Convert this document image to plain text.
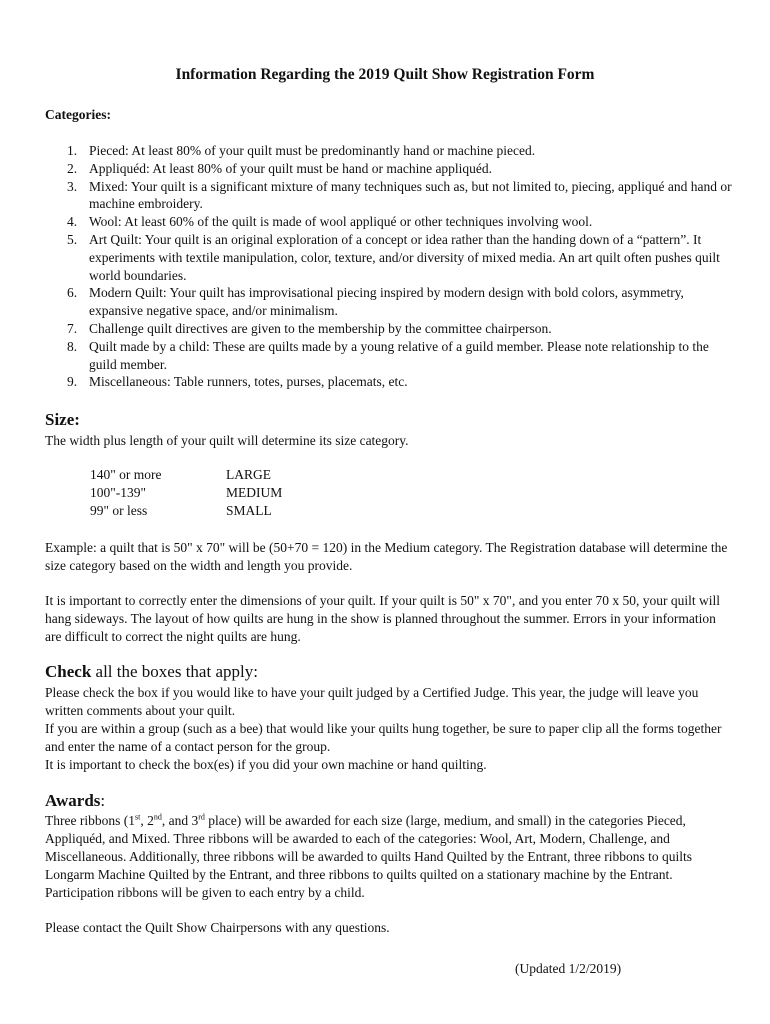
Information Regarding the 2019 Quilt Show Registration Form
Categories:
1. Pieced: At least 80% of your quilt must be predominantly hand or machine pieced.
2. Appliquéd: At least 80% of your quilt must be hand or machine appliquéd.
3. Mixed: Your quilt is a significant mixture of many techniques such as, but not limited to, piecing, appliqué and hand or machine embroidery.
4. Wool: At least 60% of the quilt is made of wool appliqué or other techniques involving wool.
5. Art Quilt: Your quilt is an original exploration of a concept or idea rather than the handing down of a “pattern”. It experiments with textile manipulation, color, texture, and/or diversity of mixed media. An art quilt often pushes quilt world boundaries.
6. Modern Quilt: Your quilt has improvisational piecing inspired by modern design with bold colors, asymmetry, expansive negative space, and/or minimalism.
7. Challenge quilt directives are given to the membership by the committee chairperson.
8. Quilt made by a child: These are quilts made by a young relative of a guild member. Please note relationship to the guild member.
9. Miscellaneous: Table runners, totes, purses, placemats, etc.
Size:

The width plus length of your quilt will determine its size category.

140" or more	LARGE
100"-139"	MEDIUM
99" or less	SMALL

Example: a quilt that is 50" x 70" will be (50+70 = 120) in the Medium category. The Registration database will determine the size category based on the width and length you provide.

It is important to correctly enter the dimensions of your quilt. If your quilt is 50" x 70", and you enter 70 x 50, your quilt will hang sideways. The layout of how quilts are hung in the show is planned throughout the summer. Errors in your information are difficult to correct the night quilts are hung.

Check all the boxes that apply:

Please check the box if you would like to have your quilt judged by a Certified Judge. This year, the judge will leave you written comments about your quilt.

If you are within a group (such as a bee) that would like your quilts hung together, be sure to paper clip all the forms together and enter the name of a contact person for the group.

It is important to check the box(es) if you did your own machine or hand quilting.

Awards:

Three ribbons (1st, 2nd, and 3rd place) will be awarded for each size (large, medium, and small) in the categories Pieced, Appliquéd, and Mixed. Three ribbons will be awarded to each of the categories: Wool, Art, Modern, Challenge, and Miscellaneous. Additionally, three ribbons will be awarded to quilts Hand Quilted by the Entrant, three ribbons to quilts Longarm Machine Quilted by the Entrant, and three ribbons to quilts quilted on a stationary machine by the Entrant. Participation ribbons will be given to each entry by a child.

Please contact the Quilt Show Chairpersons with any questions.

(Updated 1/2/2019)
